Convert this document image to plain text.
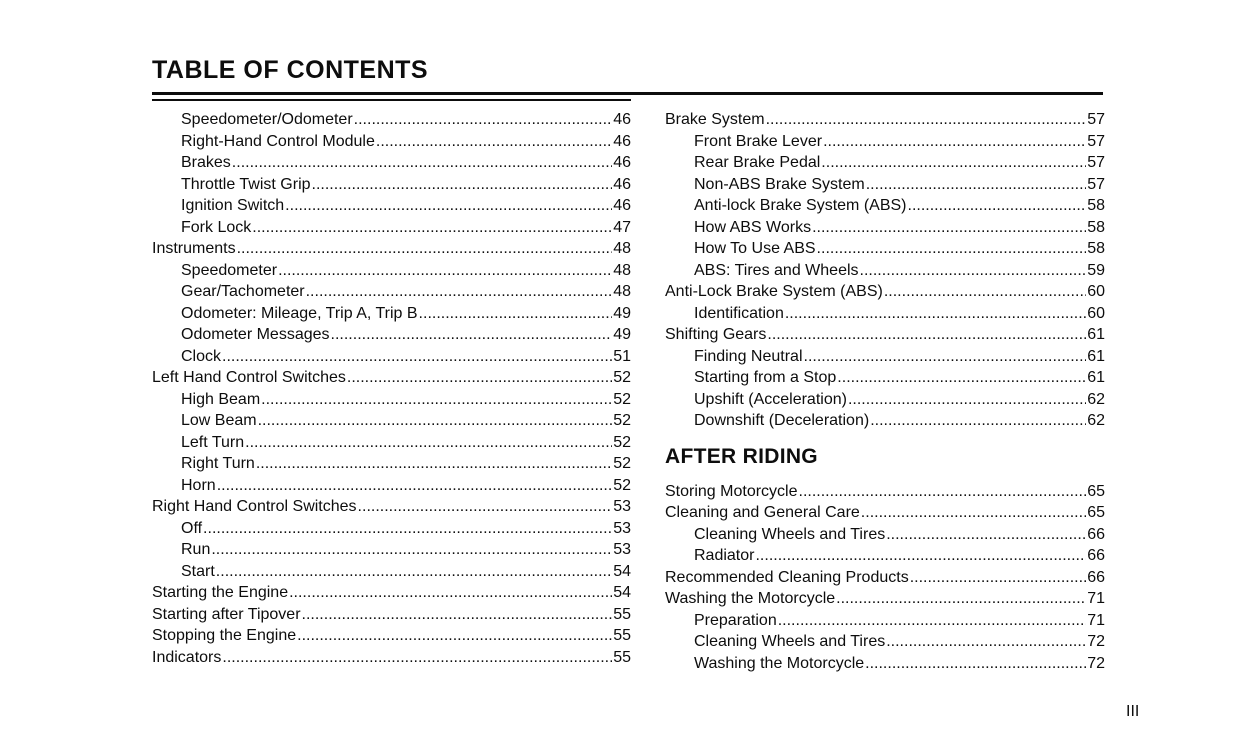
TABLE OF CONTENTS
Speedometer/Odometer .....	46
Right-Hand Control Module .....	46
Brakes .....	46
Throttle Twist Grip .....	46
Ignition Switch .....	46
Fork Lock .....	47
Instruments .....	48
Speedometer .....	48
Gear/Tachometer .....	48
Odometer: Mileage, Trip A, Trip B .....	49
Odometer Messages .....	49
Clock .....	51
Left Hand Control Switches .....	52
High Beam .....	52
Low Beam .....	52
Left Turn .....	52
Right Turn .....	52
Horn .....	52
Right Hand Control Switches .....	53
Off .....	53
Run .....	53
Start .....	54
Starting the Engine .....	54
Starting after Tipover .....	55
Stopping the Engine .....	55
Indicators .....	55
Brake System .....	57
Front Brake Lever .....	57
Rear Brake Pedal .....	57
Non-ABS Brake System .....	57
Anti-lock Brake System (ABS) .....	58
How ABS Works .....	58
How To Use ABS .....	58
ABS: Tires and Wheels .....	59
Anti-Lock Brake System (ABS) .....	60
Identification .....	60
Shifting Gears .....	61
Finding Neutral .....	61
Starting from a Stop .....	61
Upshift (Acceleration) .....	62
Downshift (Deceleration) .....	62
AFTER RIDING
Storing Motorcycle .....	65
Cleaning and General Care .....	65
Cleaning Wheels and Tires .....	66
Radiator .....	66
Recommended Cleaning Products .....	66
Washing the Motorcycle .....	71
Preparation .....	71
Cleaning Wheels and Tires .....	72
Washing the Motorcycle .....	72
III
